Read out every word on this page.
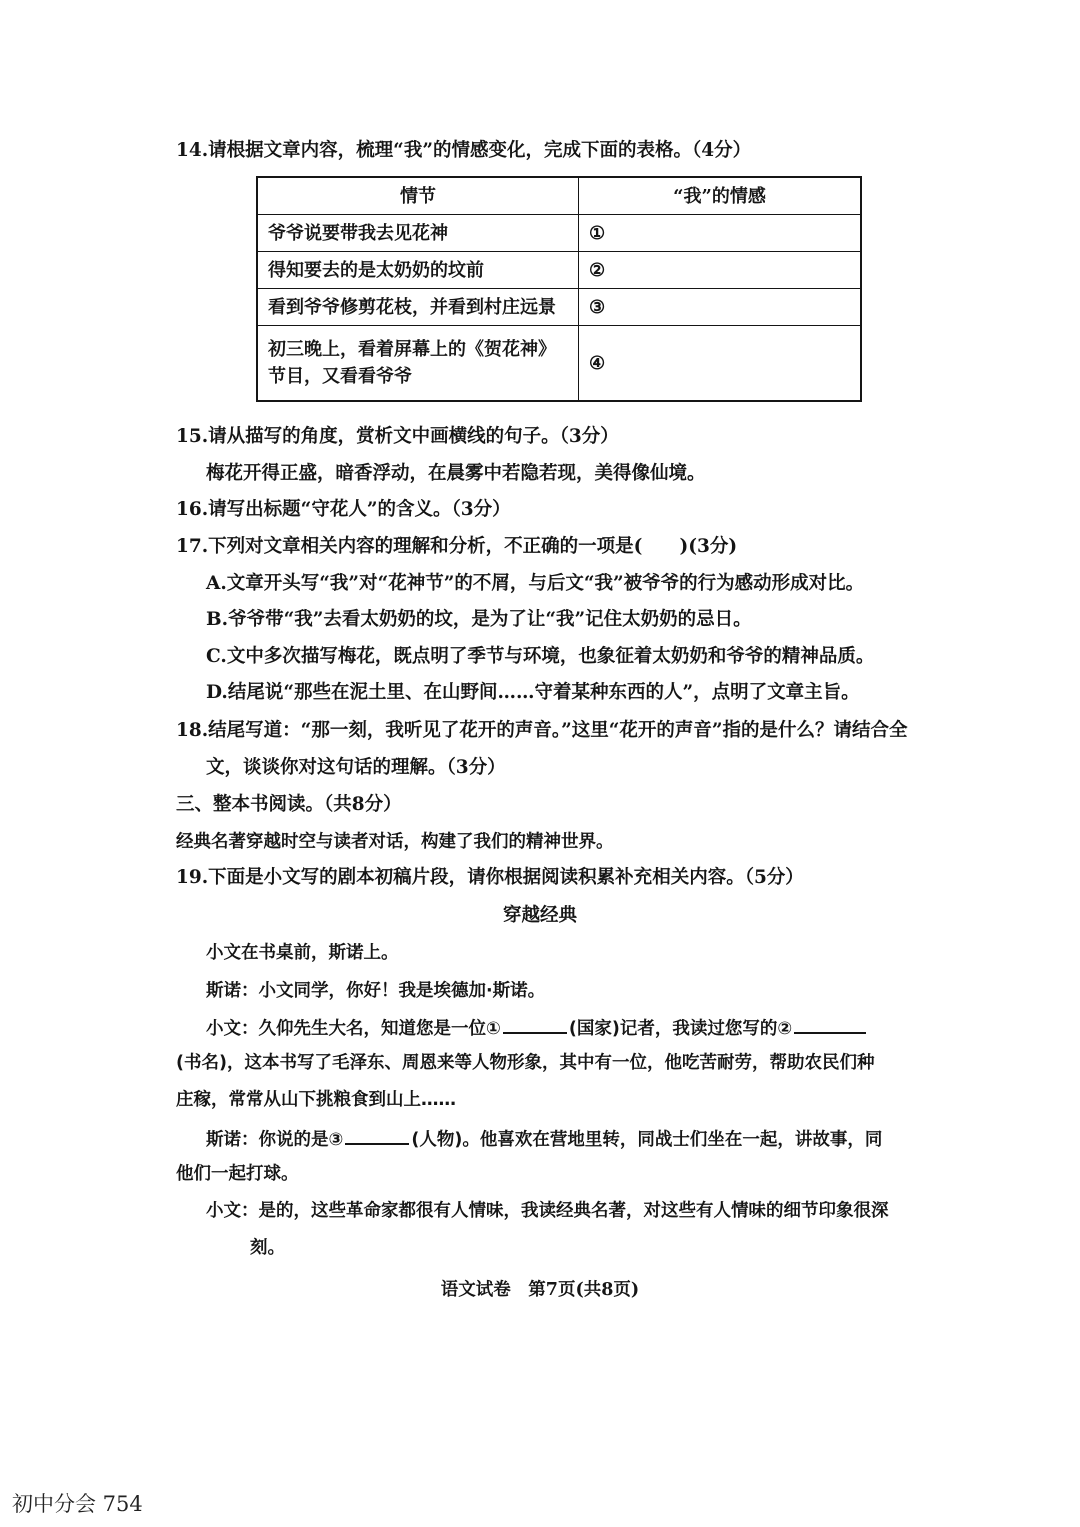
14.请根据文章内容，梳理“我”的情感变化，完成下面的表格。（4分）
情节	“我”的情感
爷爷说要带我去见花神	①
得知要去的是太奶奶的坟前	②
看到爷爷修剪花枝，并看到村庄远景	③
初三晚上，看着屏幕上的《贺花神》节目，又看看爷爷	④
15.请从描写的角度，赏析文中画横线的句子。（3分）
梅花开得正盛，暗香浮动，在晨雾中若隐若现，美得像仙境。
16.请写出标题“守花人”的含义。（3分）
17.下列对文章相关内容的理解和分析，不正确的一项是(　　)(3分)
A.文章开头写“我”对“花神节”的不屑，与后文“我”被爷爷的行为感动形成对比。
B.爷爷带“我”去看太奶奶的坟，是为了让“我”记住太奶奶的忌日。
C.文中多次描写梅花，既点明了季节与环境，也象征着太奶奶和爷爷的精神品质。
D.结尾说“那些在泥土里、在山野间……守着某种东西的人”，点明了文章主旨。
18.结尾写道：“那一刻，我听见了花开的声音。”这里“花开的声音”指的是什么？请结合全
文，谈谈你对这句话的理解。（3分）
三、整本书阅读。（共8分）
经典名著穿越时空与读者对话，构建了我们的精神世界。
19.下面是小文写的剧本初稿片段，请你根据阅读积累补充相关内容。（5分）
穿越经典
小文在书桌前，斯诺上。
斯诺：小文同学，你好！我是埃德加·斯诺。
小文：久仰先生大名，知道您是一位①	(国家)记者，我读过您写的②
(书名)，这本书写了毛泽东、周恩来等人物形象，其中有一位，他吃苦耐劳，帮助农民们种
庄稼，常常从山下挑粮食到山上……
斯诺：你说的是③	(人物)。他喜欢在营地里转，同战士们坐在一起，讲故事，同
他们一起打球。
小文：是的，这些革命家都很有人情味，我读经典名著，对这些有人情味的细节印象很深
刻。
语文试卷　第7页(共8页)
初中分会 754
